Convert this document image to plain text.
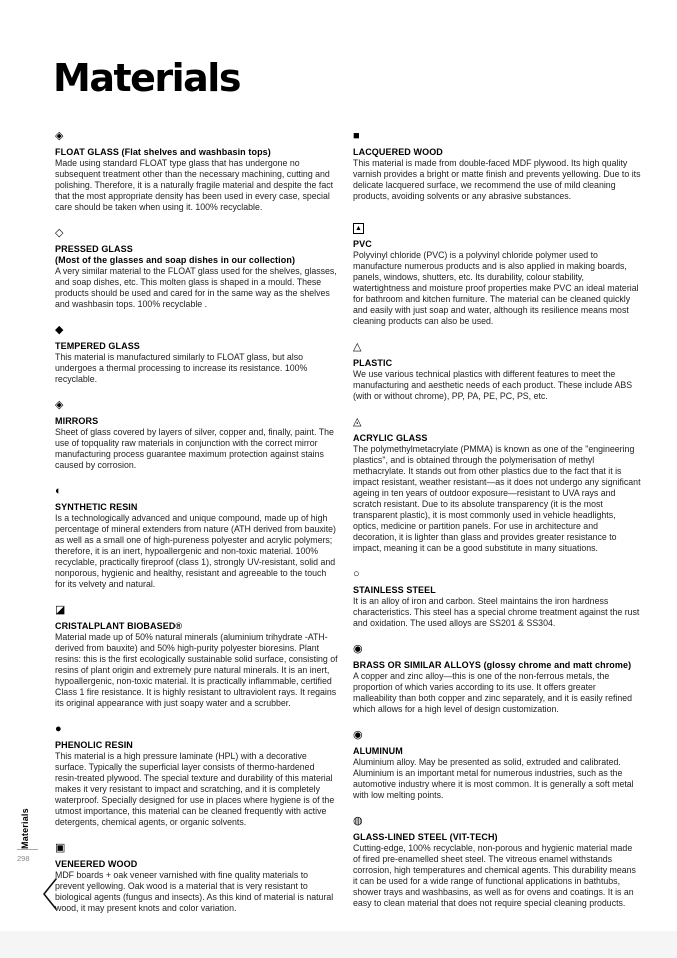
Materials
◈
FLOAT GLASS (Flat shelves and washbasin tops)

Made using standard FLOAT type glass that has undergone no subsequent treatment other than the necessary machining, cutting and polishing. Therefore, it is a naturally fragile material and despite the fact that the most appropriate density has been used in every case, special care should be taken when using it. 100% recyclable.

◇
PRESSED GLASS
(Most of the glasses and soap dishes in our collection)

A very similar material to the FLOAT glass used for the shelves, glasses, and soap dishes, etc. This molten glass is shaped in a mould. These products should be used and cared for in the same way as the shelves and washbasin tops. 100% recyclable .

◆
TEMPERED GLASS

This material is manufactured similarly to FLOAT glass, but also undergoes a thermal processing to increase its resistance. 100% recyclable.

◈
MIRRORS

Sheet of glass covered by layers of silver, copper and, finally, paint. The use of topquality raw materials in conjunction with the correct mirror manufacturing process guarantee maximum protection against stains caused by corrosion.

◐
SYNTHETIC RESIN

Is a technologically advanced and unique compound, made up of high percentage of mineral extenders from nature (ATH derived from bauxite) as well as a small one of high-pureness polyester and acrylic polymers; therefore, it is an inert, hypoallergenic and non-toxic material. 100% recyclable, practically fireproof (class 1), strongly UV-resistant, solid and nonporous, hygienic and healthy, resistant and agreeable to the touch for its velvety and natural.

◪
CRISTALPLANT BIOBASED®

Material made up of 50% natural minerals (aluminium trihydrate -ATH- derived from bauxite) and 50% high-purity polyester bioresins. Plant resins: this is the first ecologically sustainable solid surface, consisting of resins of plant origin and extremely pure natural minerals. It is an inert, hypoallergenic, non-toxic material. It is practically inflammable, certified Class 1 fire resistance. It is highly resistant to ultraviolent rays. It regains its original appearance with just soapy water and a scrubber.

●
PHENOLIC RESIN

This material is a high pressure laminate (HPL) with a decorative surface. Typically the superficial layer consists of thermo-hardened resin-treated plywood. The special texture and durability of this material makes it very resistant to impact and scratching, and it is completely waterproof. Specially designed for use in places where hygiene is of the utmost importance, this material can be cleaned frequently with active detergents, chemical agents, or organic solvents.

▣
VENEERED WOOD

MDF boards + oak veneer varnished with fine quality materials to prevent yellowing. Oak wood is a material that is very resistant to biological agents (fungus and insects). As this kind of material is natural wood, it may present knots and color variation.

■
LACQUERED WOOD

This material is made from double-faced MDF plywood. Its high quality varnish provides a bright or matte finish and prevents yellowing. Due to its delicate lacquered surface, we recommend the use of mild cleaning products, avoiding solvents or any abrasive substances.

▲
PVC

Polyvinyl chloride (PVC) is a polyvinyl chloride polymer used to manufacture numerous products and is also applied in making boards, panels, windows, shutters, etc. Its durability, colour stability, watertightness and moisture proof properties make PVC an ideal material for bathroom and kitchen furniture. The material can be cleaned quickly and easily with just soap and water, although its resilience means most cleaning products can also be used.

△
PLASTIC

We use various technical plastics with different features to meet the manufacturing and aesthetic needs of each product. These include ABS (with or without chrome), PP, PA, PE, PC, PS, etc.

◬
ACRYLIC GLASS

The polymethylmetacrylate (PMMA) is known as one of the "engineering plastics", and is obtained through the polymerisation of methyl methacrylate. It stands out from other plastics due to the fact that it is impact resistant, weather resistant—as it does not undergo any significant ageing in ten years of outdoor exposure—resistant to UVA rays and scratch resistant. Due to its absolute transparency (it is the most transparent plastic), it is most commonly used in vehicle headlights, optics, medicine or partition panels. For use in architecture and decoration, it is lighter than glass and provides greater resistance to impact, meaning it can be a good substitute in many situations.

○
STAINLESS STEEL

It is an alloy of iron and carbon. Steel maintains the iron hardness characteristics. This steel has a special chrome treatment against the rust and oxidation. The used alloys are SS201 & SS304.

◉
BRASS OR SIMILAR ALLOYS (glossy chrome and matt chrome)

A copper and zinc alloy—this is one of the non-ferrous metals, the proportion of which varies according to its use. It offers greater malleability than both copper and zinc separately, and it is easily refined which allows for a high level of design customization.

◉
ALUMINUM

Aluminium alloy. May be presented as solid, extruded and calibrated. Aluminium is an important metal for numerous industries, such as the automotive industry where it is most common. It is generally a soft metal with low melting points.

◍
GLASS-LINED STEEL (VIT-TECH)

Cutting-edge, 100% recyclable, non-porous and hygienic material made of fired pre-enamelled sheet steel. The vitreous enamel withstands corrosion, high temperatures and chemical agents. This durability means it can be used for a wide range of functional applications in bathtubs, shower trays and washbasins, as well as for ovens and coatings. It is an easy to clean material that does not require special cleaning products.

Materials
298
